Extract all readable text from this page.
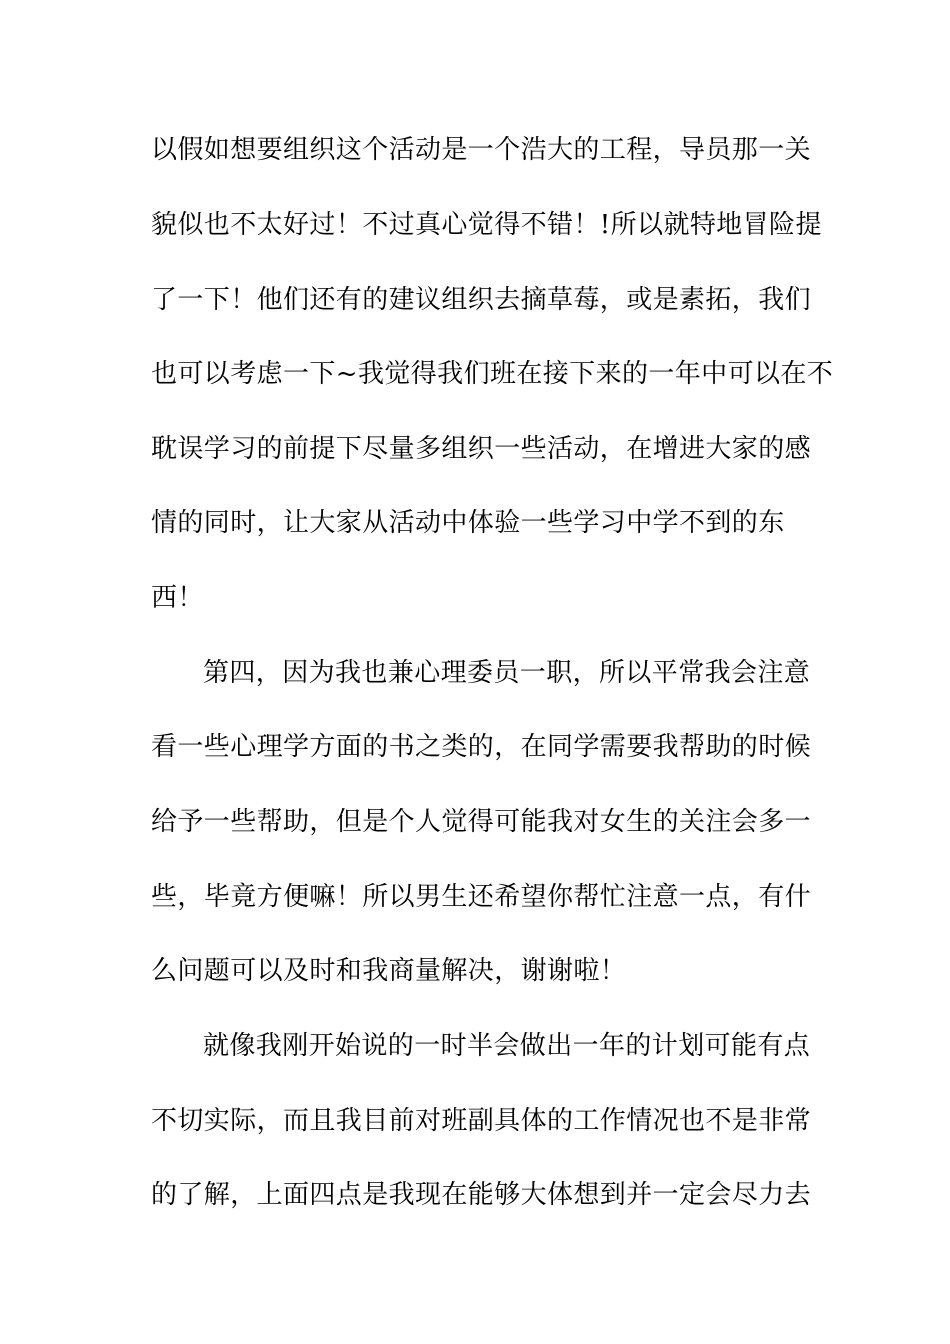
以假如想要组织这个活动是一个浩大的工程，导员那一关
貌似也不太好过！不过真心觉得不错！!所以就特地冒险提
了一下！他们还有的建议组织去摘草莓，或是素拓，我们
也可以考虑一下~我觉得我们班在接下来的一年中可以在不
耽误学习的前提下尽量多组织一些活动，在增进大家的感
情的同时，让大家从活动中体验一些学习中学不到的东
西！
第四，因为我也兼心理委员一职，所以平常我会注意
看一些心理学方面的书之类的，在同学需要我帮助的时候
给予一些帮助，但是个人觉得可能我对女生的关注会多一
些，毕竟方便嘛！所以男生还希望你帮忙注意一点，有什
么问题可以及时和我商量解决，谢谢啦！
就像我刚开始说的一时半会做出一年的计划可能有点
不切实际，而且我目前对班副具体的工作情况也不是非常
的了解，上面四点是我现在能够大体想到并一定会尽力去
